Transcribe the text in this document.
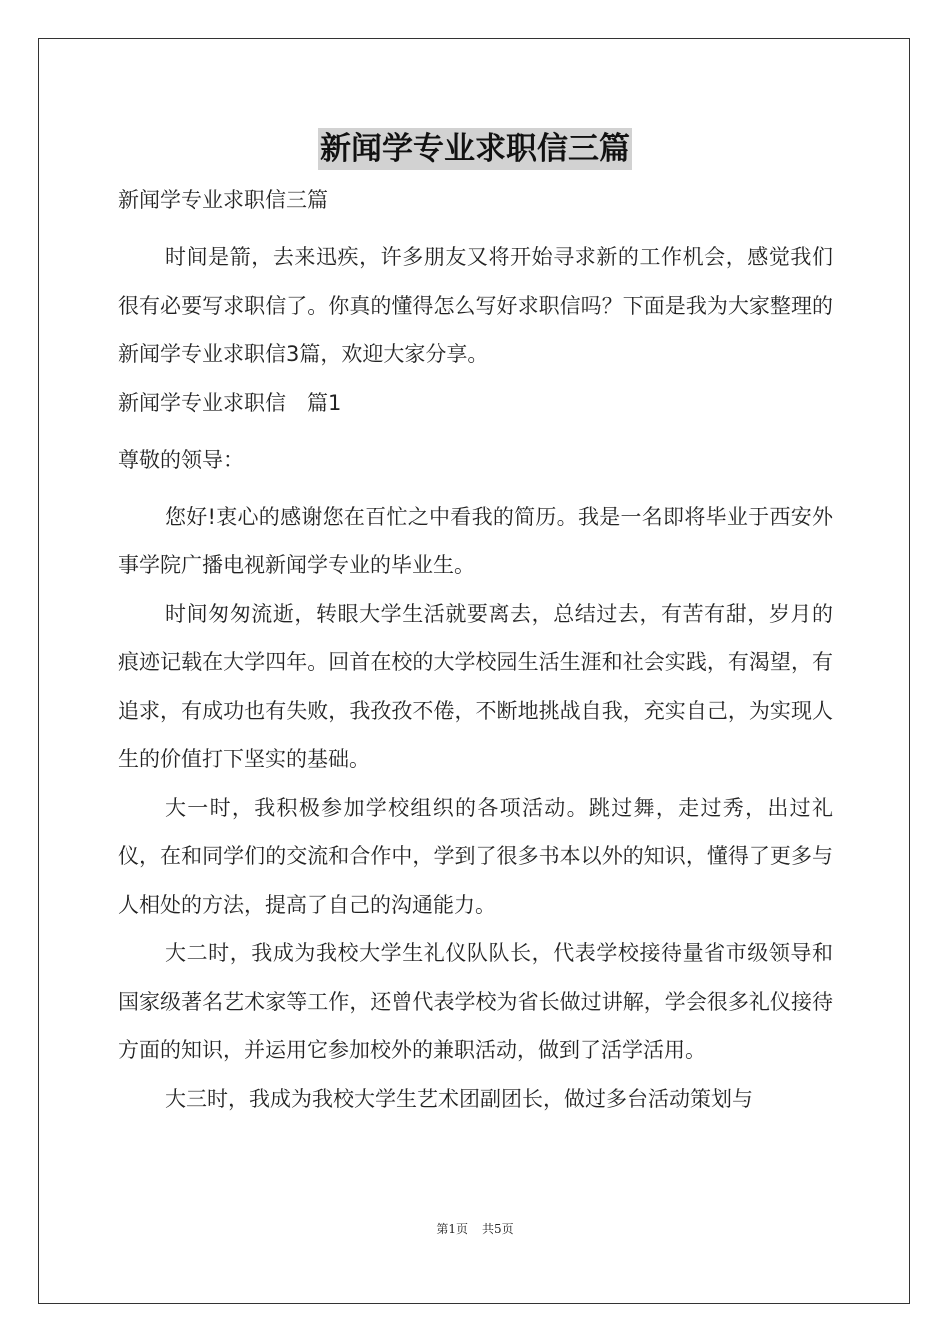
新闻学专业求职信三篇

新闻学专业求职信三篇

时间是箭，去来迅疾，许多朋友又将开始寻求新的工作机会，感觉我们很有必要写求职信了。你真的懂得怎么写好求职信吗？下面是我为大家整理的新闻学专业求职信3篇，欢迎大家分享。

新闻学专业求职信　篇1

尊敬的领导：

您好!衷心的感谢您在百忙之中看我的简历。我是一名即将毕业于西安外事学院广播电视新闻学专业的毕业生。

时间匆匆流逝，转眼大学生活就要离去，总结过去，有苦有甜，岁月的痕迹记载在大学四年。回首在校的大学校园生活生涯和社会实践，有渴望，有追求，有成功也有失败，我孜孜不倦，不断地挑战自我，充实自己，为实现人生的价值打下坚实的基础。

大一时，我积极参加学校组织的各项活动。跳过舞，走过秀，出过礼仪，在和同学们的交流和合作中，学到了很多书本以外的知识，懂得了更多与人相处的方法，提高了自己的沟通能力。

大二时，我成为我校大学生礼仪队队长，代表学校接待量省市级领导和国家级著名艺术家等工作，还曾代表学校为省长做过讲解，学会很多礼仪接待方面的知识，并运用它参加校外的兼职活动，做到了活学活用。

大三时，我成为我校大学生艺术团副团长，做过多台活动策划与

第1页 共5页
